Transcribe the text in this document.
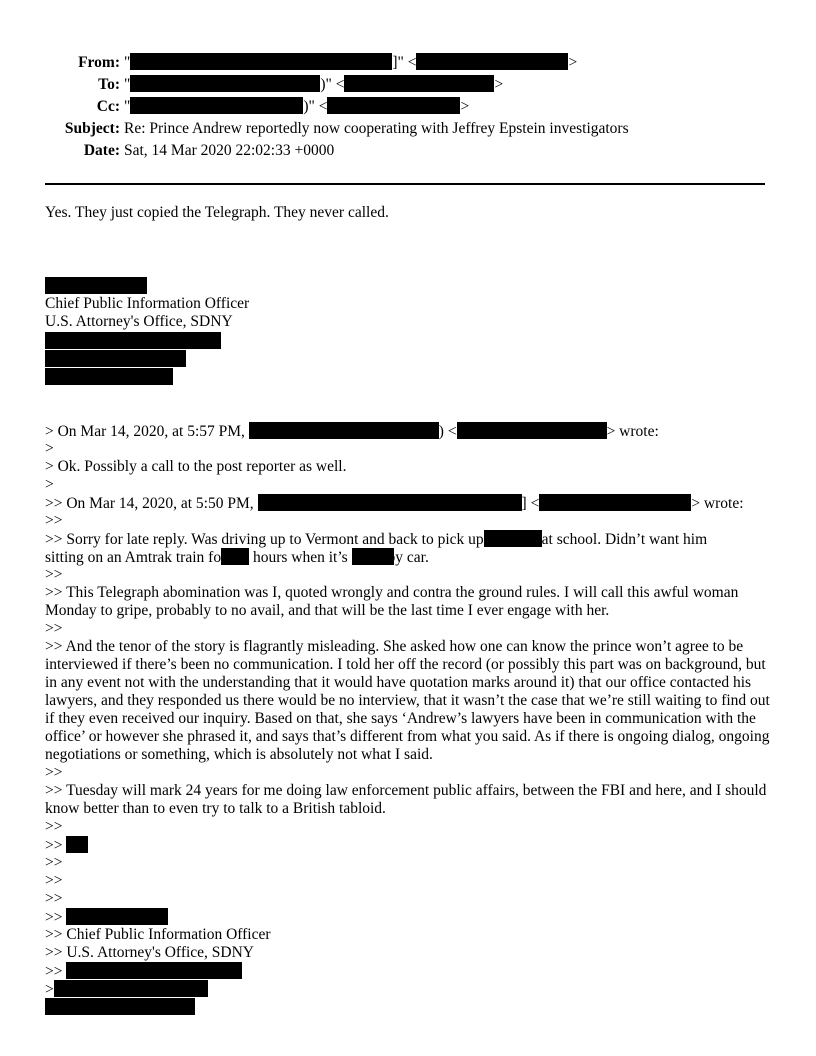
From: "	]" <	>
To: "	)" <	>
Cc: "	)" <	>
Subject: Re: Prince Andrew reportedly now cooperating with Jeffrey Epstein investigators
Date: Sat, 14 Mar 2020 22:02:33 +0000
Yes. They just copied the Telegraph. They never called.
Chief Public Information Officer
U.S. Attorney's Office, SDNY
> On Mar 14, 2020, at 5:57 PM,	) <	> wrote:
>
> Ok. Possibly a call to the post reporter as well.
>
>> On Mar 14, 2020, at 5:50 PM,	] <	> wrote:
>>
>> Sorry for late reply. Was driving up to Vermont and back to pick up	at school. Didn’t want him
sitting on an Amtrak train fo hours when it’s	by car.
>>
>> This Telegraph abomination was I, quoted wrongly and contra the ground rules. I will call this awful woman Monday to gripe, probably to no avail, and that will be the last time I ever engage with her.
>>
>> And the tenor of the story is flagrantly misleading. She asked how one can know the prince won’t agree to be interviewed if there’s been no communication. I told her off the record (or possibly this part was on background, but in any event not with the understanding that it would have quotation marks around it) that our office contacted his lawyers, and they responded us there would be no interview, that it wasn’t the case that we’re still waiting to find out if they even received our inquiry. Based on that, she says ‘Andrew’s lawyers have been in communication with the office’ or however she phrased it, and says that’s different from what you said. As if there is ongoing dialog, ongoing negotiations or something, which is absolutely not what I said.
>>
>> Tuesday will mark 24 years for me doing law enforcement public affairs, between the FBI and here, and I should know better than to even try to talk to a British tabloid.
>>
>>
>>
>>
>>
>>
>> Chief Public Information Officer
>> U.S. Attorney's Office, SDNY
>>
>
